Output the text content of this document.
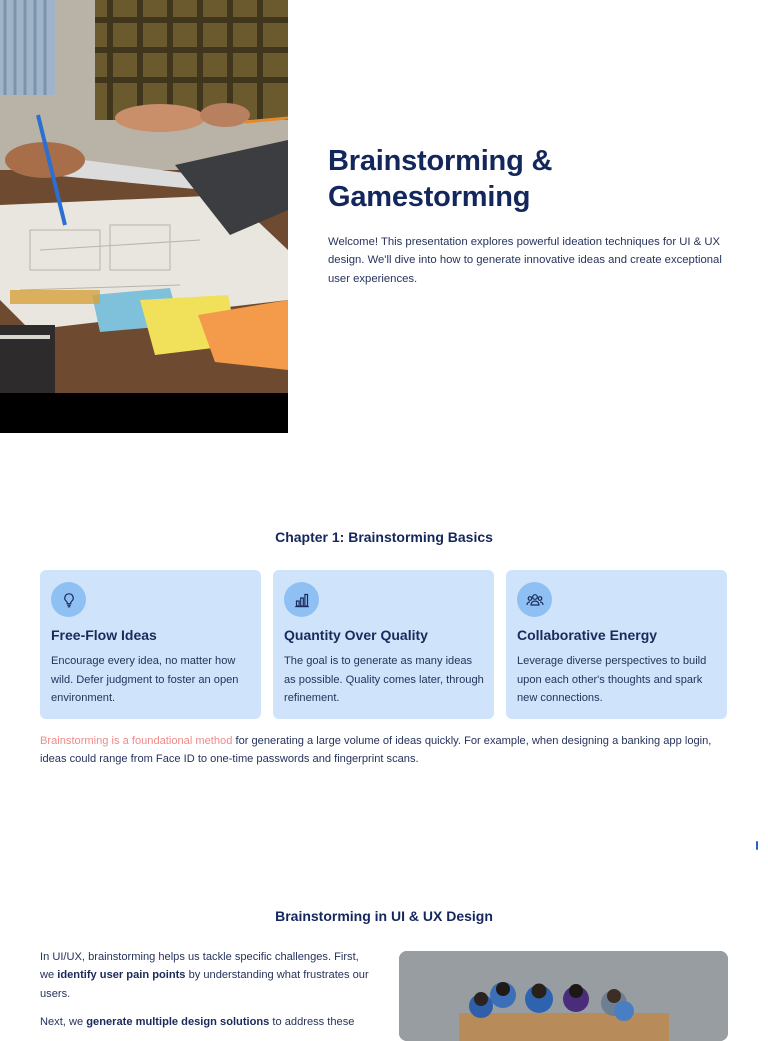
Brainstorming & Gamestorming

Welcome! This presentation explores powerful ideation techniques for UI & UX design. We'll dive into how to generate innovative ideas and create exceptional user experiences.

Chapter 1: Brainstorming Basics
Free-Flow Ideas

Encourage every idea, no matter how wild. Defer judgment to foster an open environment.

Quantity Over Quality

The goal is to generate as many ideas as possible. Quality comes later, through refinement.

Collaborative Energy

Leverage diverse perspectives to build upon each other's thoughts and spark new connections.

Brainstorming is a foundational method for generating a large volume of ideas quickly. For example, when designing a banking app login, ideas could range from Face ID to one-time passwords and fingerprint scans.

Brainstorming in UI & UX Design

In UI/UX, brainstorming helps us tackle specific challenges. First, we identify user pain points by understanding what frustrates our users.

Next, we generate multiple design solutions to address these
